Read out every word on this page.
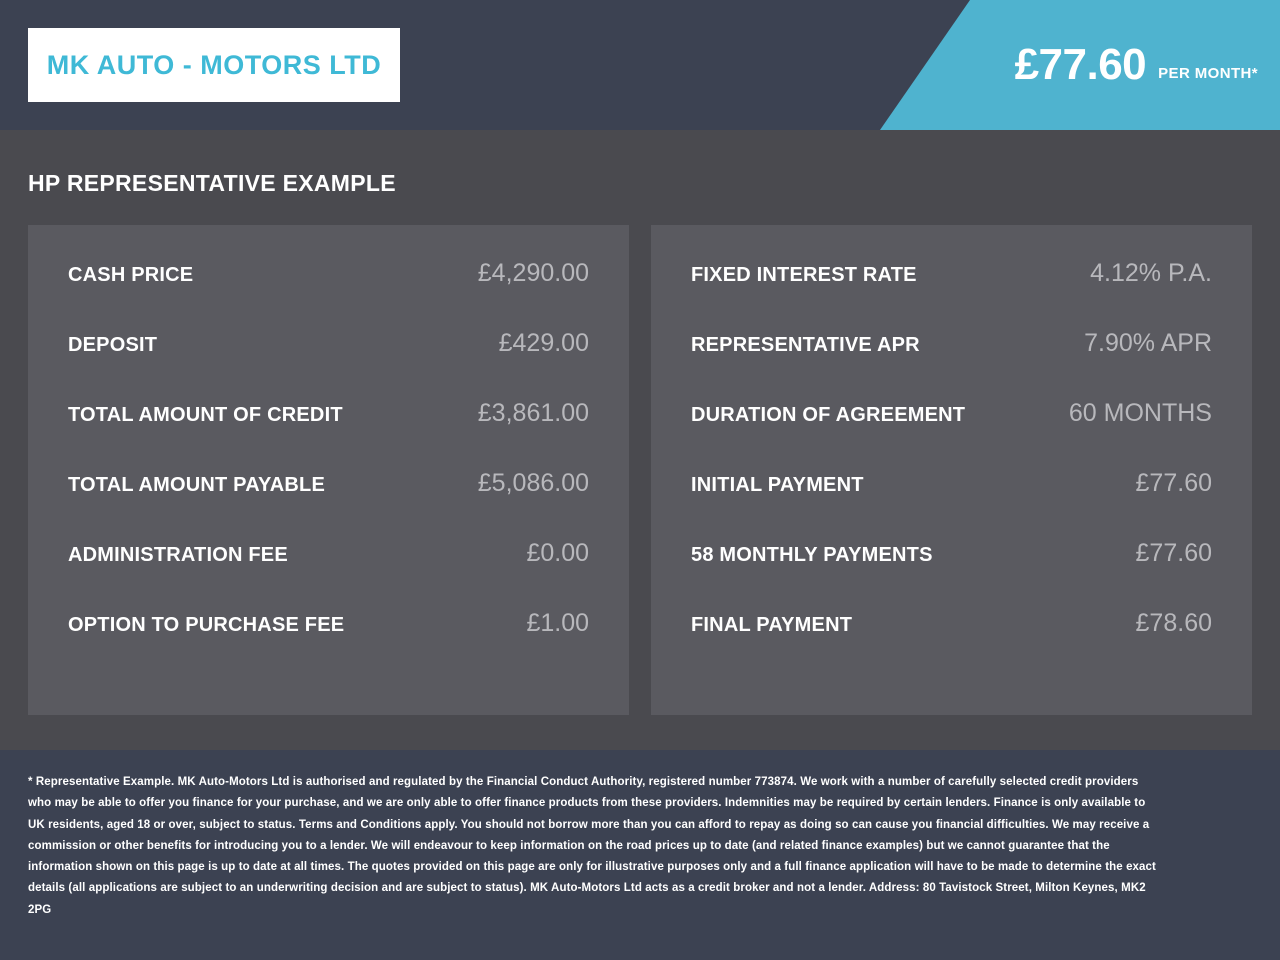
MK AUTO - MOTORS LTD	£77.60 PER MONTH*
HP REPRESENTATIVE EXAMPLE
CASH PRICE	£4,290.00
DEPOSIT	£429.00
TOTAL AMOUNT OF CREDIT	£3,861.00
TOTAL AMOUNT PAYABLE	£5,086.00
ADMINISTRATION FEE	£0.00
OPTION TO PURCHASE FEE	£1.00
FIXED INTEREST RATE	4.12% P.A.
REPRESENTATIVE APR	7.90% APR
DURATION OF AGREEMENT	60 MONTHS
INITIAL PAYMENT	£77.60
58 MONTHLY PAYMENTS	£77.60
FINAL PAYMENT	£78.60

* Representative Example. MK Auto-Motors Ltd is authorised and regulated by the Financial Conduct Authority, registered number 773874. We work with a number of carefully selected credit providers who may be able to offer you finance for your purchase, and we are only able to offer finance products from these providers. Indemnities may be required by certain lenders. Finance is only available to UK residents, aged 18 or over, subject to status. Terms and Conditions apply. You should not borrow more than you can afford to repay as doing so can cause you financial difficulties. We may receive a commission or other benefits for introducing you to a lender. We will endeavour to keep information on the road prices up to date (and related finance examples) but we cannot guarantee that the information shown on this page is up to date at all times. The quotes provided on this page are only for illustrative purposes only and a full finance application will have to be made to determine the exact details (all applications are subject to an underwriting decision and are subject to status). MK Auto-Motors Ltd acts as a credit broker and not a lender. Address: 80 Tavistock Street, Milton Keynes, MK2 2PG
